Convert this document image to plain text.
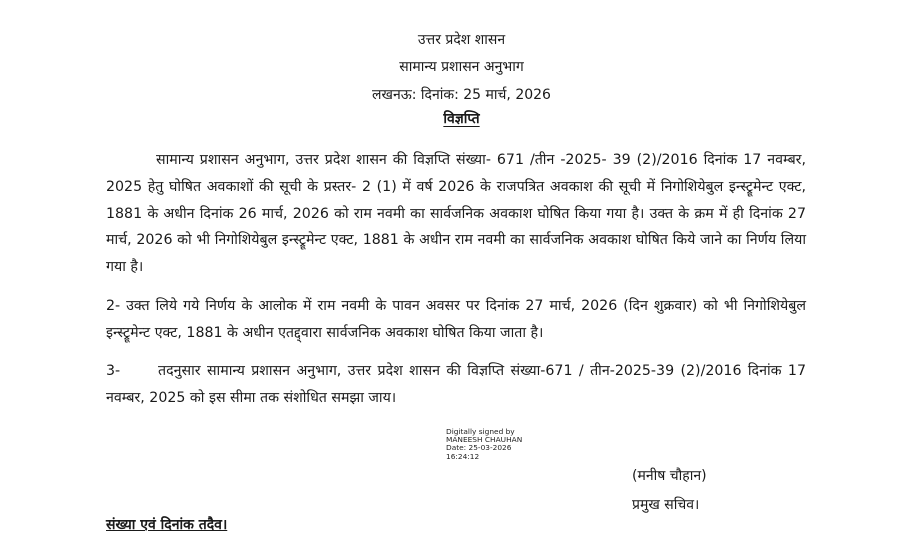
उत्तर प्रदेश शासन
सामान्य प्रशासन अनुभाग
लखनऊ: दिनांक: 25 मार्च, 2026
विज्ञप्ति
सामान्य प्रशासन अनुभाग, उत्तर प्रदेश शासन की विज्ञप्ति संख्या- 671 /तीन -2025- 39 (2)/2016 दिनांक 17 नवम्बर, 2025 हेतु घोषित अवकाशों की सूची के प्रस्तर- 2 (1) में वर्ष 2026 के राजपत्रित अवकाश की सूची में निगोशियेबुल इन्स्ट्रूमेन्ट एक्ट, 1881 के अधीन दिनांक 26 मार्च, 2026 को राम नवमी का सार्वजनिक अवकाश घोषित किया गया है। उक्त के क्रम में ही दिनांक 27 मार्च, 2026 को भी निगोशियेबुल इन्स्ट्रूमेन्ट एक्ट, 1881 के अधीन राम नवमी का सार्वजनिक अवकाश घोषित किये जाने का निर्णय लिया गया है।
2- उक्त लिये गये निर्णय के आलोक में राम नवमी के पावन अवसर पर दिनांक 27 मार्च, 2026 (दिन शुक्रवार) को भी निगोशियेबुल इन्स्ट्रूमेन्ट एक्ट, 1881 के अधीन एतद्द्वारा सार्वजनिक अवकाश घोषित किया जाता है।
3-	तदनुसार सामान्य प्रशासन अनुभाग, उत्तर प्रदेश शासन की विज्ञप्ति संख्या-671 / तीन-2025-39 (2)/2016 दिनांक 17 नवम्बर, 2025 को इस सीमा तक संशोधित समझा जाय।
Digitally signed by
MANEESH CHAUHAN
Date: 25-03-2026
16:24:12
(मनीष चौहान)
प्रमुख सचिव।
संख्या एवं दिनांक तदैव।
